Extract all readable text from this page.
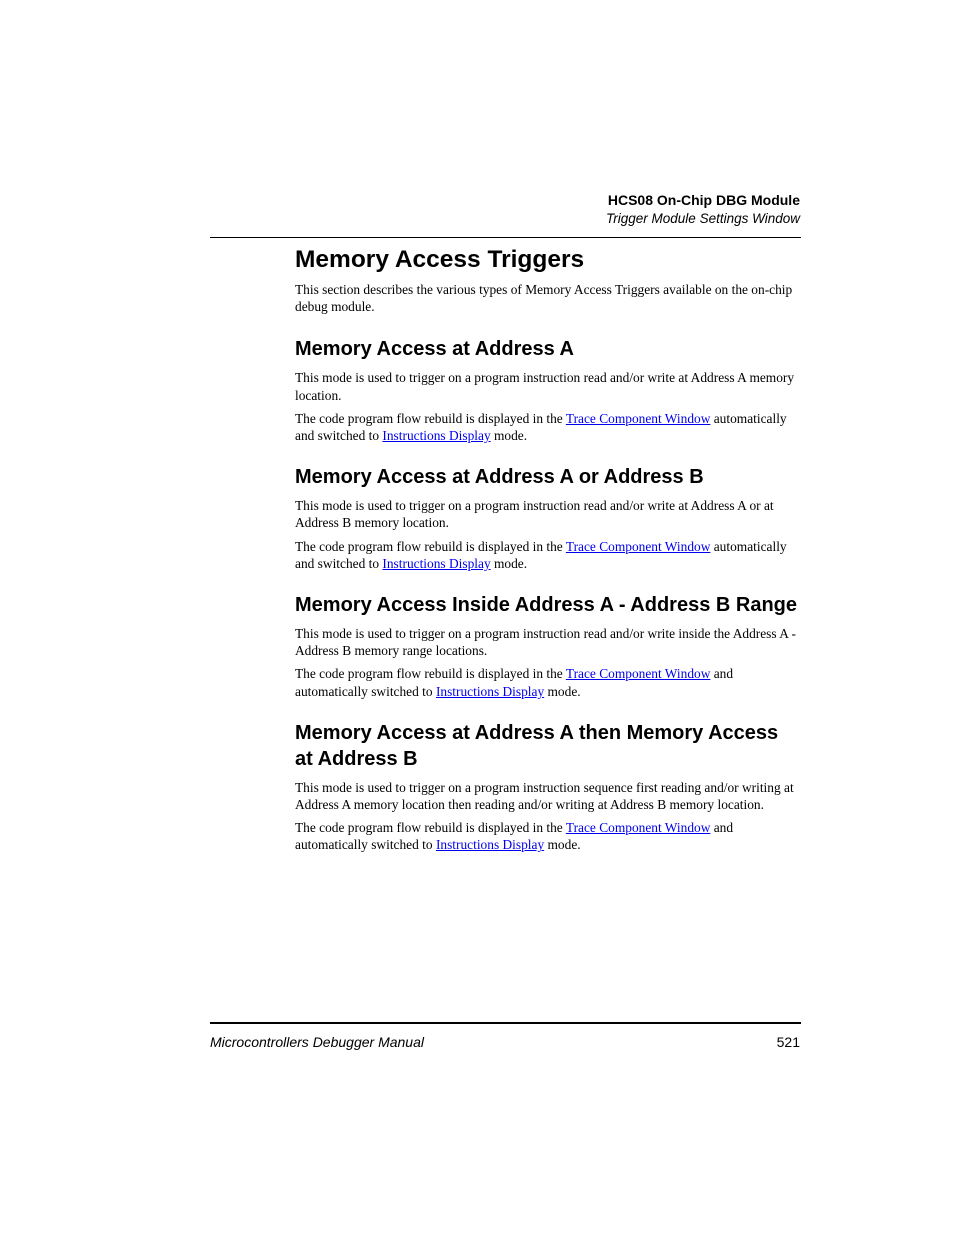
HCS08 On-Chip DBG Module
Trigger Module Settings Window
Memory Access Triggers

This section describes the various types of Memory Access Triggers available on the on-chip debug module.

Memory Access at Address A

This mode is used to trigger on a program instruction read and/or write at Address A memory location.

The code program flow rebuild is displayed in the Trace Component Window automatically and switched to Instructions Display mode.

Memory Access at Address A or Address B

This mode is used to trigger on a program instruction read and/or write at Address A or at Address B memory location.

The code program flow rebuild is displayed in the Trace Component Window automatically and switched to Instructions Display mode.

Memory Access Inside Address A - Address B Range

This mode is used to trigger on a program instruction read and/or write inside the Address A - Address B memory range locations.

The code program flow rebuild is displayed in the Trace Component Window and automatically switched to Instructions Display mode.

Memory Access at Address A then Memory Access at Address B

This mode is used to trigger on a program instruction sequence first reading and/or writing at Address A memory location then reading and/or writing at Address B memory location.

The code program flow rebuild is displayed in the Trace Component Window and automatically switched to Instructions Display mode.

Microcontrollers Debugger Manual	521
